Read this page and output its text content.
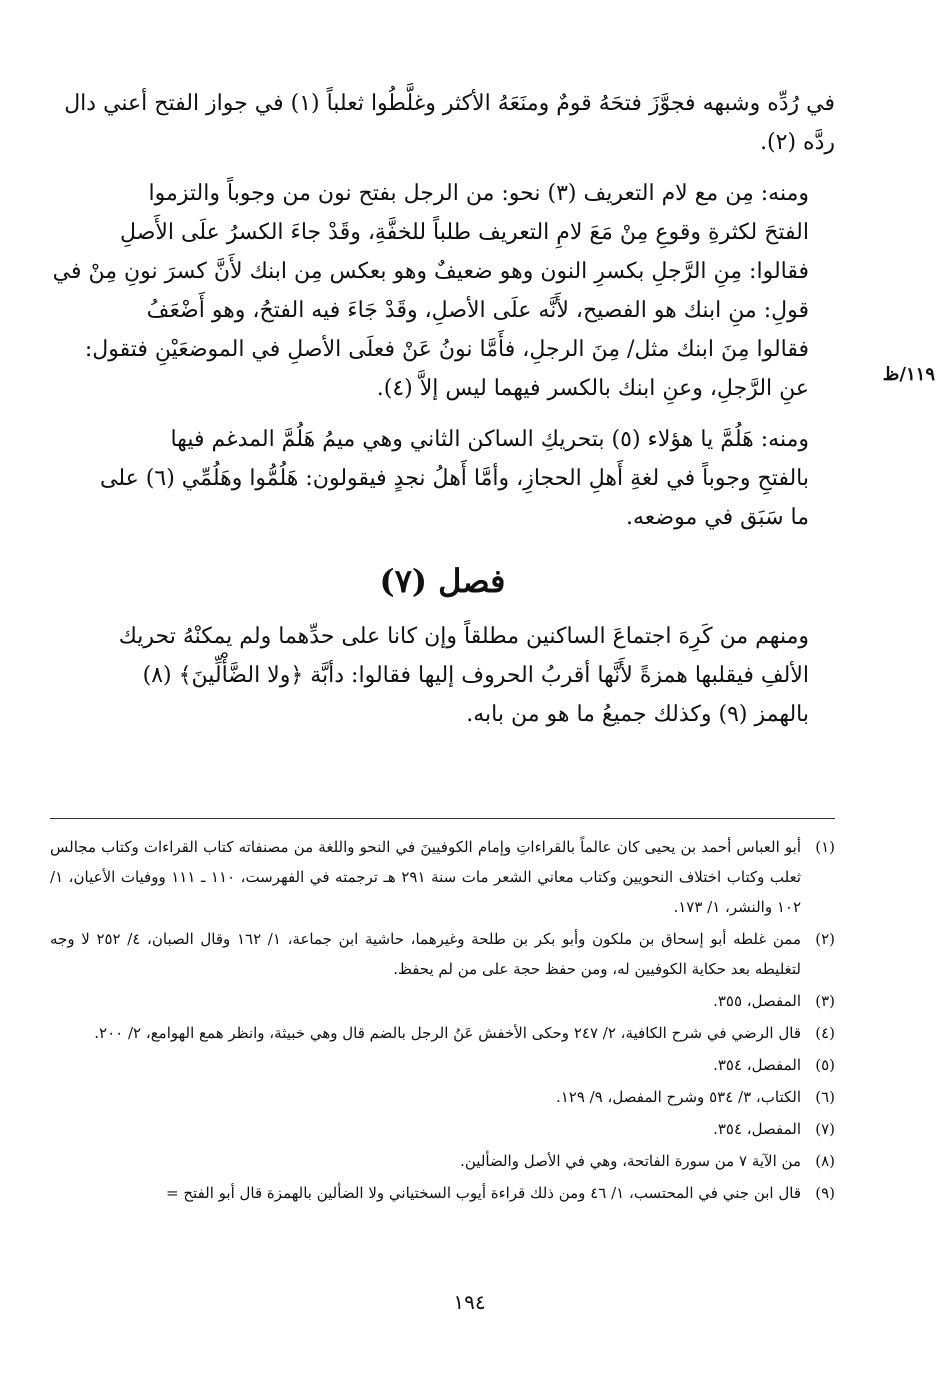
في رُدِّه وشبهه فجوَّزَ فتحَهُ قومٌ ومنَعَهُ الأكثر وغلَّطُوا ثعلباً (١) في جواز الفتح أعني دال
ردَّه (٢).

ومنه: مِن مع لام التعريف (٣) نحو: من الرجل بفتح نون من وجوباً والتزموا
الفتحَ لكثرةِ وقوعِ مِنْ مَعَ لامِ التعريف طلباً للخفَّةِ، وقَدْ جاءَ الكسرُ علَى الأَصلِ
فقالوا: مِنِ الرَّجلِ بكسرِ النون وهو ضعيفٌ وهو بعكس مِن ابنك لأَنَّ كسرَ نونِ مِنْ في
قولِ: منِ ابنك هو الفصيح، لأَنَّه علَى الأصلِ، وقَدْ جَاءَ فيه الفتحُ، وهو أَضْعَفُ
فقالوا مِنَ ابنك مثل/ مِنَ الرجلِ، فأَمَّا نونُ عَنْ فعلَى الأصلِ في الموضعَيْنِ فتقول:
عنِ الرَّجلِ، وعنِ ابنك بالكسر فيهما ليس إلاَّ (٤).

ومنه: هَلُمَّ يا هؤلاء (٥) بتحريكِ الساكن الثاني وهي ميمُ هَلُمَّ المدغم فيها
بالفتحِ وجوباً في لغةِ أَهلِ الحجازِ، وأمَّا أَهلُ نجدٍ فيقولون: هَلُمُّوا وهَلُمِّي (٦) على
ما سَبَق في موضعه.

فصل (٧)

ومنهم من كَرِهَ اجتماعَ الساكنين مطلقاً وإن كانا على حدِّهما ولم يمكنْهُ تحريك
الألفِ فيقلبها همزةً لأَنَّها أقربُ الحروف إليها فقالوا: دأبَّة ﴿ولا الضَّأْلِّينَ﴾ (٨)
بالهمز (٩) وكذلك جميعُ ما هو من بابه.

١١٩/ظ
(١)
أبو العباس أحمد بن يحيى كان عالماً بالقراءاتِ وإمام الكوفيينَ في النحو واللغة من مصنفاته كتاب القراءات وكتاب مجالس ثعلب وكتاب اختلاف النحويين وكتاب معاني الشعر مات سنة ٢٩١ هـ ترجمته في الفهرست، ١١٠ ـ ١١١ ووفيات الأعيان، ١/ ١٠٢ والنشر، ١/ ١٧٣.
(٢)
ممن غلطه أبو إسحاق بن ملكون وأبو بكر بن طلحة وغيرهما، حاشية ابن جماعة، ١/ ١٦٢ وقال الصبان، ٤/ ٢٥٢ لا وجه لتغليطه بعد حكاية الكوفيين له، ومن حفظ حجة على من لم يحفظ.
(٣)
المفصل، ٣٥٥.
(٤)
قال الرضي في شرح الكافية، ٢/ ٢٤٧ وحكى الأخفش عَنُ الرجل بالضم قال وهي خبيثة، وانظر همع الهوامع، ٢/ ٢٠٠.
(٥)
المفصل، ٣٥٤.
(٦)
الكتاب، ٣/ ٥٣٤ وشرح المفصل، ٩/ ١٢٩.
(٧)
المفصل، ٣٥٤.
(٨)
من الآية ٧ من سورة الفاتحة، وهي في الأصل والضألين.
(٩)
قال ابن جني في المحتسب، ١/ ٤٦ ومن ذلك قراءة أيوب السختياني ولا الضألين بالهمزة قال أبو الفتح =
١٩٤
